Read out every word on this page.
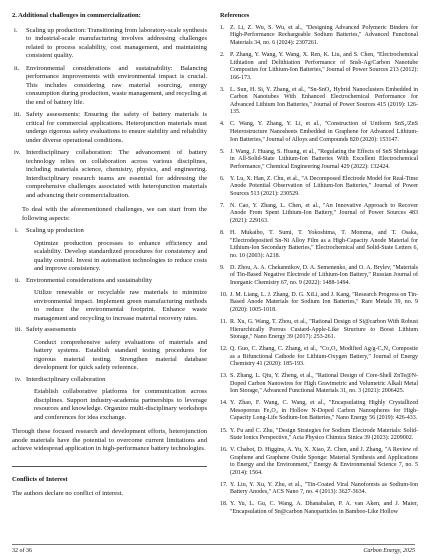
2. Additional challenges in commercialization:
i. Scaling up production: Transitioning from laboratory-scale synthesis to industrial-scale manufacturing involves addressing challenges related to process scalability, cost management, and maintaining consistent quality.
ii. Environmental considerations and sustainability: Balancing performance improvements with environmental impact is crucial. This includes considering raw material sourcing, energy consumption during production, waste management, and recycling at the end of battery life.
iii. Safety assessments: Ensuring the safety of battery materials is critical for commercial applications. Heterojunction materials must undergo rigorous safety evaluations to ensure stability and reliability under diverse operational conditions.
iv. Interdisciplinary collaboration: The advancement of battery technology relies on collaboration across various disciplines, including materials science, chemistry, physics, and engineering. Interdisciplinary research teams are essential for addressing the comprehensive challenges associated with heterojunction materials and advancing their commercialization.
To deal with the aforementioned challenges, we can start from the following aspects:
i. Scaling up production
Optimize production processes to enhance efficiency and scalability. Develop standardized procedures for consistency and quality control. Invest in automation technologies to reduce costs and improve consistency.
ii. Environmental considerations and sustainability
Utilize renewable or recyclable raw materials to minimize environmental impact. Implement green manufacturing methods to reduce the environmental footprint. Enhance waste management and recycling to increase material recovery rates.
iii. Safety assessments
Conduct comprehensive safety evaluations of materials and battery systems. Establish standard testing procedures for rigorous material testing. Strengthen material database development for quick safety reference.
iv. Interdisciplinary collaboration
Establish collaborative platforms for communication across disciplines. Support industry-academia partnerships to leverage resources and knowledge. Organize multi-disciplinary workshops and conferences for idea exchange.
Through these focused research and development efforts, heterojunction anode materials have the potential to overcome current limitations and achieve widespread application in high-performance battery technologies.
Conflicts of Interest
The authors declare no conflict of interest.
References
1. Z. Li, Z. Wu, S. Wu, et al., "Designing Advanced Polymeric Binders for High-Performance Rechargeable Sodium Batteries," Advanced Functional Materials 34, no. 6 (2024): 2307261.
2. P. Zhang, Y. Wang, Y. Wang, X. Ren, K. Liu, and S. Chen, "Electrochemical Lithiation and Delithiation Performance of Snsb-Ag/Carbon Nanotube Composites for Lithium-Ion Batteries," Journal of Power Sources 213 (2012): 166-173.
3. L. Sun, H. Si, Y. Zhang, et al., "Sn-SnO₂ Hybrid Nanoclusters Embedded in Carbon Nanotubes With Enhanced Electrochemical Performance for Advanced Lithium Ion Batteries," Journal of Power Sources 415 (2019): 126-135.
4. C. Wang, Y. Zhang, Y. Li, et al., "Construction of Uniform SnS₂/ZnS Heterostructure Nanosheets Embedded in Graphene for Advanced Lithium-Ion Batteries," Journal of Alloys and Compounds 820 (2020): 153147.
5. J. Wang, J. Huang, S. Huang, et al., "Regulating the Effects of SnS Shrinkage in All-Solid-State Lithium-Ion Batteries With Excellent Electrochemical Performance," Chemical Engineering Journal 429 (2022): 132424.
6. Y. Lu, X. Han, Z. Chu, et al., "A Decomposed Electrode Model for Real-Time Anode Potential Observation of Lithium-Ion Batteries," Journal of Power Sources 513 (2021): 230529.
7. N. Cao, Y. Zhang, L. Chen, et al., "An Innovative Approach to Recover Anode From Spent Lithium-Ion Battery," Journal of Power Sources 483 (2021): 229163.
8. H. Mukaibo, T. Sumi, T. Yokoshima, T. Momma, and T. Osaka, "Electrodeposited Sn-Ni Alloy Film as a High-Capacity Anode Material for Lithium-Ion Secondary Batteries," Electrochemical and Solid-State Letters 6, no. 10 (2003): A218.
9. D. Zhou, A. A. Chekannikov, D. A. Semenenko, and O. A. Brylev, "Materials of Tin-Based Negative Electrode of Lithium-Ion Battery," Russian Journal of Inorganic Chemistry 67, no. 9 (2022): 1488-1494.
10. J. M. Liang, L. J. Zhang, D. G. XiLi, and J. Kang, "Research Progress on Tin-Based Anode Materials for Sodium Ion Batteries," Rare Metals 39, no. 9 (2020): 1005-1018.
11. R. Xu, G. Wang, T. Zhou, et al., "Rational Design of Si@carbon With Robust Hierarchically Porous Custard-Apple-Like Structure to Boost Lithium Storage," Nano Energy 39 (2017): 253-261.
12. Q. Guo, C. Zhang, C. Zhang, et al., "Co₃O₄ Modified Ag/g-C₃N₄ Composite as a Bifunctional Cathode for Lithium-Oxygen Battery," Journal of Energy Chemistry 41 (2020): 185-193.
13. S. Zhang, L. Qiu, Y. Zheng, et al., "Rational Design of Core-Shell ZnTe@N-Doped Carbon Nanowires for High Gravimetric and Volumetric Alkali Metal Ion Storage," Advanced Functional Materials 31, no. 3 (2021): 2006425.
14. Y. Zhao, F. Wang, C. Wang, et al., "Encapsulating Highly Crystallized Mesoporous Fe₃O₄ in Hollow N-Doped Carbon Nanospheres for High-Capacity Long-Life Sodium-Ion Batteries," Nano Energy 56 (2019): 426-433.
15. Y. Fu and C. Zhu, "Design Strategies for Sodium Electrode Materials: Solid-State Ionics Perspective," Acta Physico Chimica Sinica 39 (2023): 2209002.
16. V. Chabot, D. Higgins, A. Yu, X. Xiao, Z. Chen, and J. Zhang, "A Review of Graphene and Graphene Oxide Sponge: Material Synthesis and Applications to Energy and the Environment," Energy & Environmental Science 7, no. 5 (2014): 1564.
17. Y. Liu, Y. Xu, Y. Zhu, et al., "Tin-Coated Viral Nanoforests as Sodium-Ion Battery Anodes," ACS Nano 7, no. 4 (2013): 3627-3634.
18. Y. Yu, L. Gu, C. Wang, A. Dhanabalan, P. A. van Aken, and J. Maier, "Encapsulation of Sn@carbon Nanoparticles in Bamboo-Like Hollow
32 of 36	Carbon Energy, 2025
